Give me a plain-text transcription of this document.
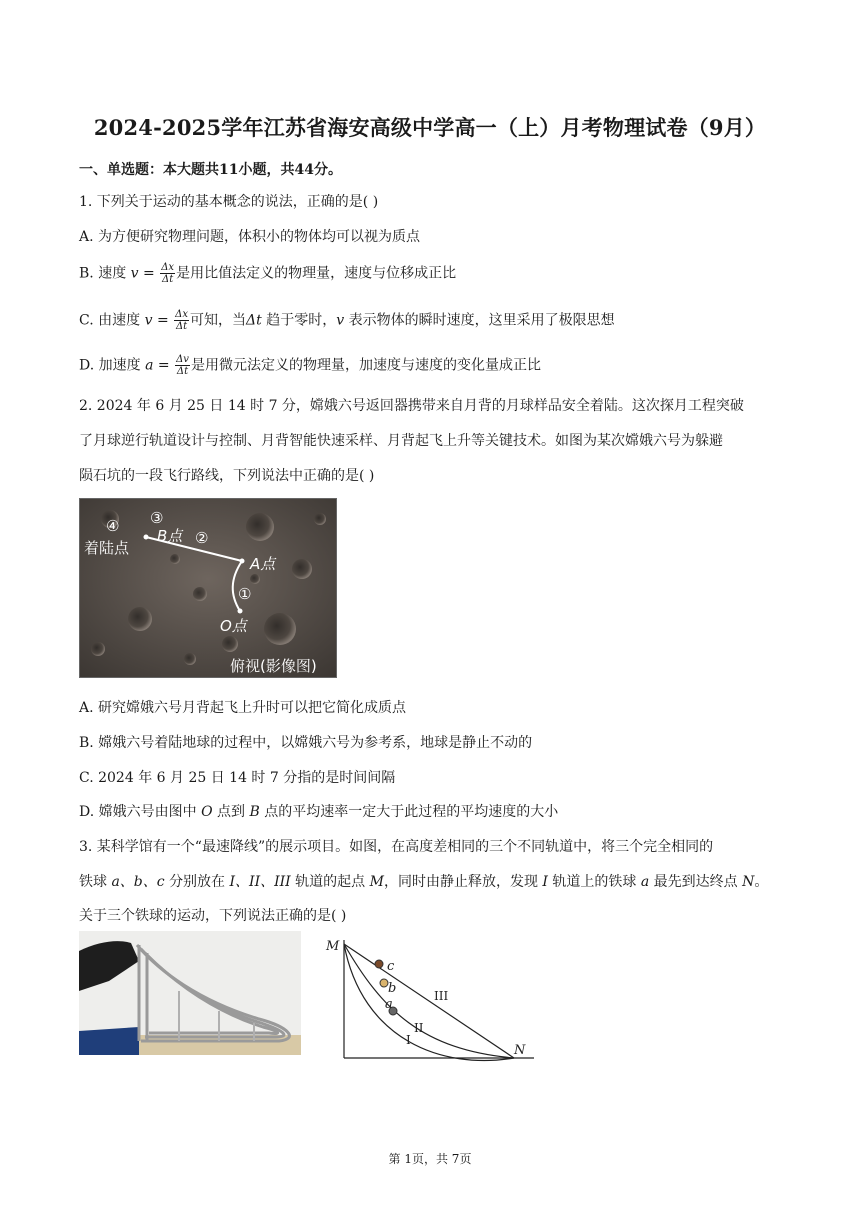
2024-2025学年江苏省海安高级中学高一（上）月考物理试卷（9月）
一、单选题：本大题共11小题，共44分。
1. 下列关于运动的基本概念的说法，正确的是( )
A. 为方便研究物理问题，体积小的物体均可以视为质点
B. 速度 $v = \frac{\Delta x}{\Delta t}$ 是用比值法定义的物理量，速度与位移成正比
C. 由速度 $v = \frac{\Delta x}{\Delta t}$ 可知，当Δt 趋于零时，v 表示物体的瞬时速度，这里采用了极限思想
D. 加速度 $a = \frac{\Delta v}{\Delta t}$ 是用微元法定义的物理量，加速度与速度的变化量成正比
2. 2024 年 6 月 25 日 14 时 7 分，嫦娥六号返回器携带来自月背的月球样品安全着陆。这次探月工程突破
了月球逆行轨道设计与控制、月背智能快速采样、月背起飞上升等关键技术。如图为某次嫦娥六号为躲避
陨石坑的一段飞行路线，下列说法中正确的是( )
④ ③
②
①
着陆点
B点
A点
O点
俯视(影像图)
A. 研究嫦娥六号月背起飞上升时可以把它简化成质点
B. 嫦娥六号着陆地球的过程中，以嫦娥六号为参考系，地球是静止不动的
C. 2024 年 6 月 25 日 14 时 7 分指的是时间间隔
D. 嫦娥六号由图中 O 点到 B 点的平均速率一定大于此过程的平均速度的大小
3. 某科学馆有一个“最速降线”的展示项目。如图，在高度差相同的三个不同轨道中，将三个完全相同的
铁球 a、b、c 分别放在 I、II、III 轨道的起点 M，同时由静止释放，发现 I 轨道上的铁球 a 最先到达终点 N。
关于三个铁球的运动，下列说法正确的是( )
M
N
c
b
a
III
II
I
第 1页，共 7页
